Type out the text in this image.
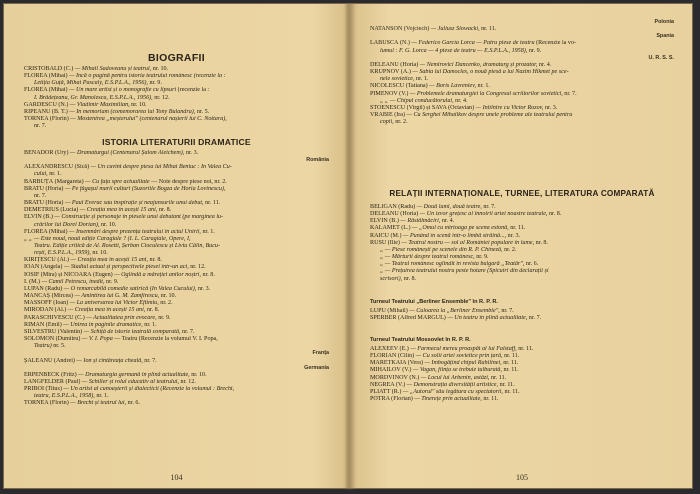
BIOGRAFII
CRISTOBALD (C.) — Mihail Sadoveanu și teatrul, nr. 10.
FLOREA (Mihai) — Încă o pagină pentru istoria teatrului românesc (recenzie la :
Letiția Guță, Mihai Pascaly, E.S.P.L.A., 1956), nr. 9.
FLOREA (Mihai) — Un mare artist și o monografie cu lipsuri (recenzie la :
I. Brădețeanu, Gr. Manolescu, E.S.P.L.A., 1956), nr. 12.
GÂRDESCU (N.) — Vladimir Maximilian, nr. 10.
RIPEANU (B. T.) — In memoriam (comemorarea lui Tony Bulandra), nr. 5.
TORNEA (Florin) — Mostenirea „meșterului" (centenarul nașterii lui C. Nottara),
nr. 7.
ISTORIA LITERATURII DRAMATICE
BENADOR (Ury) — Dramaturgul (Centenarul Șalom Aleichem), nr. 3.
România
ALEXANDRESCU (Sică) — Un cuvînt despre piesa lui Mihai Beniuc : În Valea Cu-
cului, nr. 1.
BĂRBUȚĂ (Margareta) — Cu fața spre actualitate — Note despre piese noi, nr. 2.
BRATU (Horia) — Pe făgașul marii culturi (Suzoriile Bogza de Horia Lovinescu),
nr. 7.
BRATU (Horia) — Paul Everac sau inspirație și neajunsurile unui debut, nr. 11.
DEMETRIUS (Lucia) — Creația mea în acești 15 ani, nr. 8.
ELVIN (B.) — Construcție și personaje în piesele unui debutant (pe marginea lu-
crărilor lui Dorel Dorian), nr. 10.
FLOREA (Mihai) — Însemnări despre prezența teatrului în actul Unirii, nr. 1.
„ „ — Este noud, nouă ediție Caragiale ? (I. L. Caragiale, Opere, I,
Teatru. Ediție critică de Al. Rosetti, Șerban Cioculescu și Liviu Călin, Bucu-
rești, E.S.P.L.A., 1959), nr. 10.
KIRIȚESCU (Al.) — Creația mea în acești 15 ani, nr. 8.
IOAN (Angela) — Stadiul actual și perspectivele piesei într-un act, nr. 12.
IOSIF (Mira) și NICOARĂ (Eugen) — Oglindă a măreției anilor noștri, nr. 8.
I. (M.) — Camil Petrescu, inedit, nr. 9.
LUPAN (Radu) — O remarcabilă comedie satirică (În Valea Cucului), nr. 3.
MANCAȘ (Mircea) — Amintirea lui G. M. Zamfirescu, nr. 10.
MASSOFF (Ioan) — La aniversarea lui Victor Eftimiu, nr. 2.
MIRODAN (Al.) — Creația mea în acești 15 ani, nr. 8.
PARASCHIVESCU (C.) — Actualitatea prin evocare, nr. 9.
RIMAN (Emil) — Unirea în paginile dramatice, nr. 1.
SILVESTRU (Valentin) — Schiță de istorie teatrală comparată, nr. 7.
SOLOMON (Dumitru) — V. I. Popa — Teatru (Recenzie la volumul V. I. Popa,
Teatru) nr. 5.
Franța
ȘĂLEANU (Andrei) — Ion și cîntăreața cheală, nr. 7.
Germania
ERPENBECK (Fritz) — Dramaturgia germană în plină actualitate, nr. 10.
LANGFELDER (Paul) — Schiller și rolul educativ al teatrului, nr. 12.
PRIBOI (Titus) — Un artist al cunoașterii și dialecticii (Recenzie la volumul : Brecht,
teatru, E.S.P.L.A., 1958), nr. 1.
TORNEA (Florin) — Brecht și teatrul lui, nr. 6.
104
Polonia
NATANSON (Vojciech) — Juliusz Slowacki, nr. 11.
Spania
LĂBUSCĂ (N.) — Federico García Lorca — Patru piese de teatru (Recenzie la vo-
lumul : F. G. Lorca — 4 piese de teatru — E.S.P.L.A., 1958), nr. 9.
U. R. S. S.
DELEANU (Horia) — Nemirovici Dancenko, dramaturg și prozator, nr. 4.
KRUPNOV (A.) — Sabia lui Damocles, o nouă piesă a lui Nazîm Hikmet pe sce-
nele sovietice, nr. 1.
NICOLESCU (Tatiana) — Boris Lavreniev, nr. 1.
PIMENOV (V.) — Problemele dramaturgiei la Congresul scriitorilor sovietici, nr. 7.
„ „ — Chipul conducătorului, nr. 4.
STOENESCU (Virgil) și SAVA (Octavian) — Întîlnire cu Victor Rozov, nr. 3.
VRABIE (Ira) — Cu Serghei Mihailkov despre unele probleme ale teatrului pentru
copii, nr. 2.
RELAȚII INTERNAȚIONALE, TURNEE, LITERATURA COMPARATĂ
BELIGAN (Radu) — Două lumi, două teatre, nr. 7.
DELEANU (Horia) — Un izvor grețesc al înnoirii artei noastre teatrale, nr. 8.
ELVIN (B.) — Răstălmăciri, nr. 4.
KALAMET (L.) — „Omul cu mîrtoaga pe scena estonă, nr. 11.
RAICU (M.) — Punând în scenă într-o limbă străină..., nr. 3.
RUSU (Ilie) — Teatrul nostru — sol al României populare în lume, nr. 8.
„ — Piese românești pe scenele din R. P. Chineză, nr. 2.
„ — Mărturii despre teatrul românesc, nr. 9.
„ — Teatrul românesc oglindit în revista bulgară „Teatăr", nr. 6.
„ — Prețuirea teatrului nostru peste hotare (Spicuiri din declarații și
scrisori), nr. 8.
Turneul Teatrului „Berliner Ensemble" în R. P. R.
LUPU (Mihail) — Culoarea la „Berliner Ensemble", nr. 7.
SPERBER (Alfred MARGUL) — Un teatru în plină actualitate, nr. 7.
Turneul Teatrului Mossovîet în R. P. R.
ALEXEEV (E.) — Farmecul mereu proaspăt al lui Falstaff, nr. 11.
FLORIAN (Cilin) — Cu solii artei sovietice prin țară, nr. 11.
MARETKAIA (Vera) — Îmbogățind chipul Rahilinei, nr. 11.
MIHAILOV (V.) — Vagan, ființa se trebuie tulburată, nr. 11.
MORDVINOV (N.) — Locul lui Arbenin, astăzi, nr. 11.
NEGREA (V.) — Demonstrația diversității artistice, nr. 11.
PLIATT (R.) — „Autorul" său legătura cu spectatorii, nr. 11.
POTRA (Florian) — Tinerețe prin actualitate, nr. 11.
105
